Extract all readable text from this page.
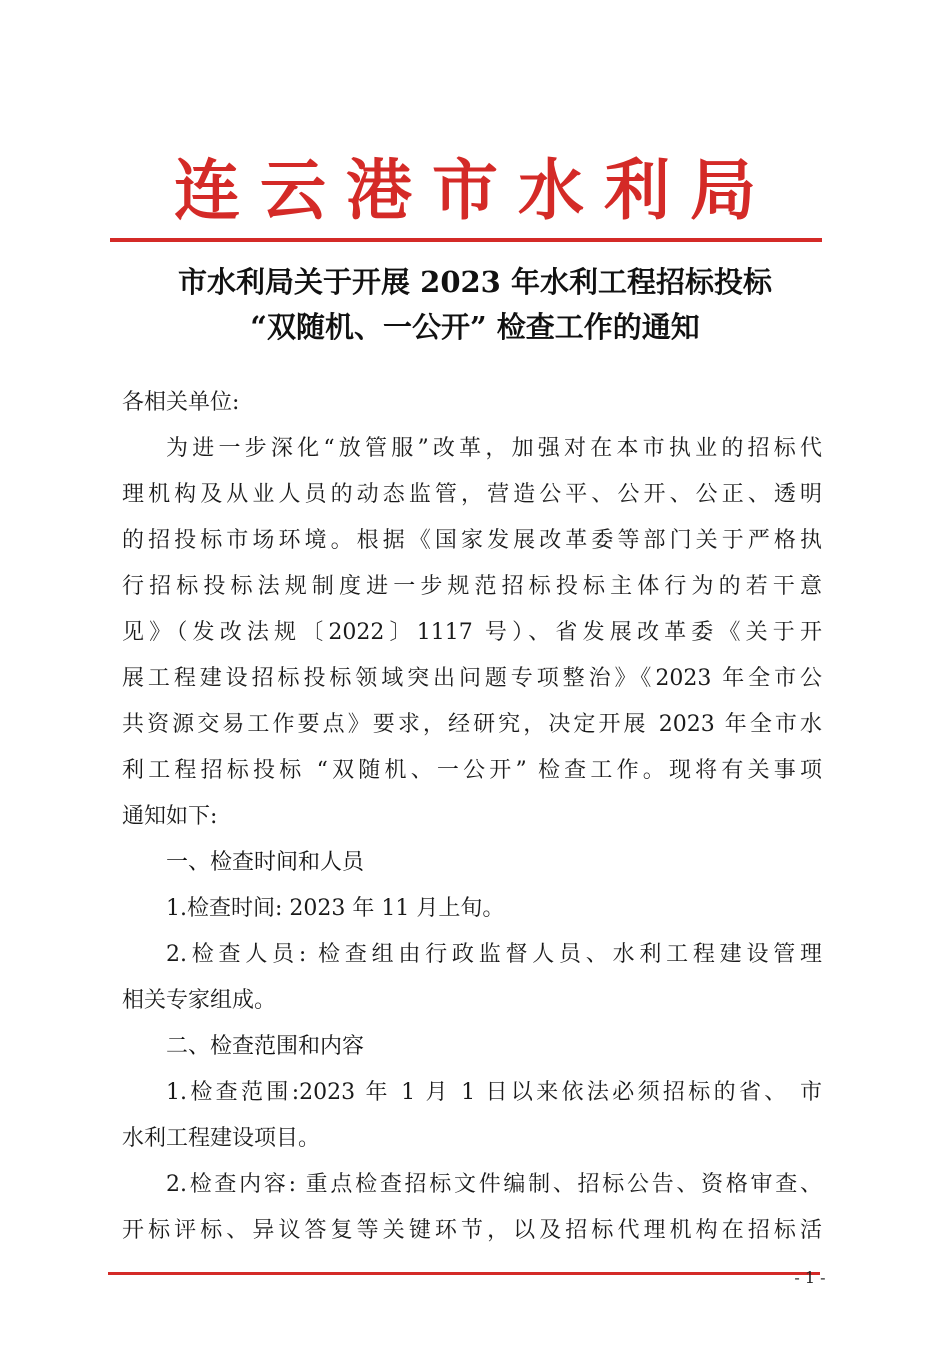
连云港市水利局
市水利局关于开展 2023 年水利工程招标投标
“双随机、一公开” 检查工作的通知

各相关单位:

为进一步深化“放管服”改革，加强对在本市执业的招标代

理机构及从业人员的动态监管，营造公平、公开、公正、透明

的招投标市场环境。根据《国家发展改革委等部门关于严格执

行招标投标法规制度进一步规范招标投标主体行为的若干意

见》（发改法规〔2022〕1117 号）、省发展改革委《关于开

展工程建设招标投标领域突出问题专项整治》《2023 年全市公

共资源交易工作要点》要求，经研究，决定开展 2023 年全市水

利工程招标投标 “双随机、一公开” 检查工作。现将有关事项

通知如下:

一、检查时间和人员

1.检查时间: 2023 年 11 月上旬。

2.检查人员: 检查组由行政监督人员、水利工程建设管理

相关专家组成。

二、检查范围和内容

1.检查范围:2023 年 1 月 1 日以来依法必须招标的省、 市

水利工程建设项目。

2.检查内容: 重点检查招标文件编制、招标公告、资格审查、

开标评标、异议答复等关键环节，以及招标代理机构在招标活

- 1 -
